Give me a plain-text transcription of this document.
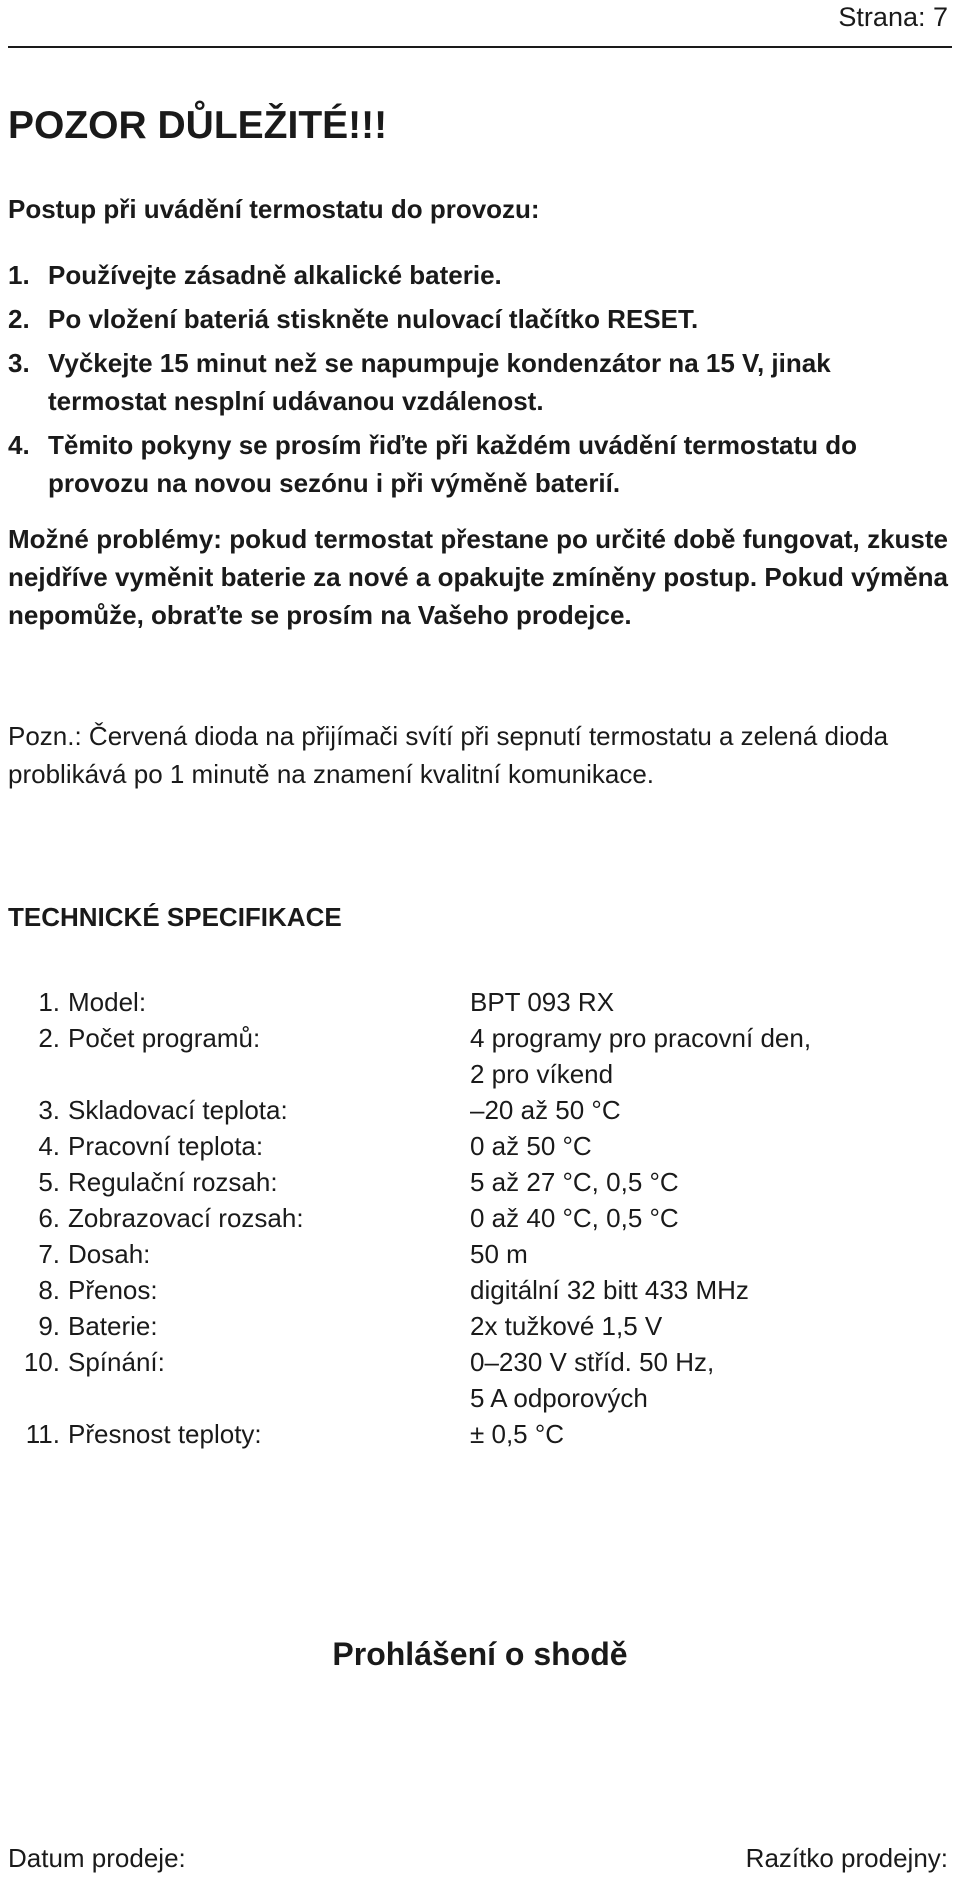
Strana: 7
POZOR DŮLEŽITÉ!!!
Postup při uvádění termostatu do provozu:
1. Používejte zásadně alkalické baterie.
2. Po vložení bateriá stiskněte nulovací tlačítko RESET.
3. Vyčkejte 15 minut než se napumpuje kondenzátor na 15 V, jinak termostat nesplní udávanou vzdálenost.
4. Těmito pokyny se prosím řiďte při každém uvádění termostatu do provozu na novou sezónu i při výměně baterií.

Možné problémy: pokud termostat přestane po určité době fungovat, zkuste nejdříve vyměnit baterie za nové a opakujte zmíněny postup. Pokud výměna nepomůže, obraťte se prosím na Vašeho prodejce.

Pozn.: Červená dioda na přijímači svítí při sepnutí termostatu a zelená dioda problikává po 1 minutě na znamení kvalitní komunikace.

TECHNICKÉ SPECIFIKACE
1.	Model:	BPT 093 RX
2.	Počet programů:	4 programy pro pracovní den,
		2 pro víkend
3.	Skladovací teplota:	–20 až 50 °C
4.	Pracovní teplota:	0 až 50 °C
5.	Regulační rozsah:	5 až 27 °C, 0,5 °C
6.	Zobrazovací rozsah:	0 až 40 °C, 0,5 °C
7.	Dosah:	50 m
8.	Přenos:	digitální 32 bitt 433 MHz
9.	Baterie:	2x tužkové 1,5 V
10.	Spínání:	0–230 V stříd. 50 Hz,
		5 A odporových
11.	Přesnost teploty:	± 0,5 °C
Prohlášení o shodě
Datum prodeje:	Razítko prodejny:
